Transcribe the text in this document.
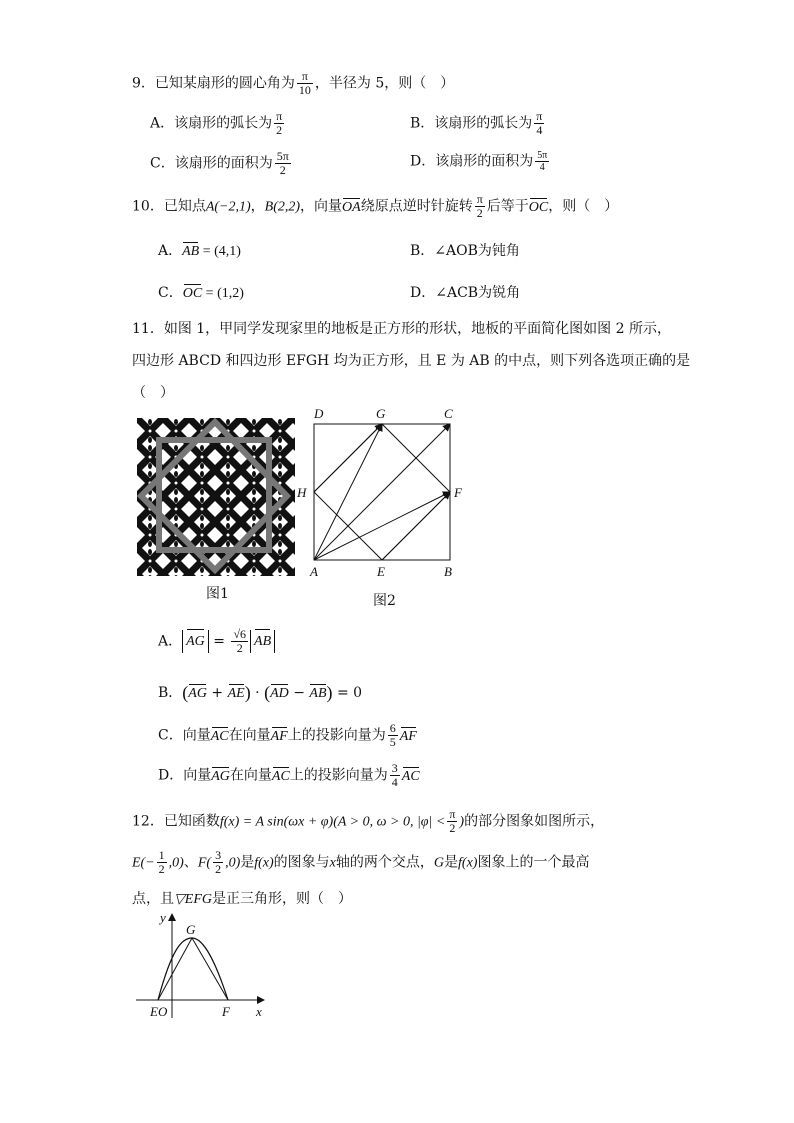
9．已知某扇形的圆心角为 $\frac{\pi}{10}$ ，半径为 5，则（　）
A．该扇形的弧长为 $\frac{\pi}{2}$	B．该扇形的弧长为 $\frac{\pi}{4}$
C．该扇形的面积为 $\frac{5\pi}{2}$	D．该扇形的面积为 $\frac{5\pi}{4}$
10．已知点A(−2,1)，B(2,2)，向量OA绕原点逆时针旋转 $\frac{\pi}{2}$ 后等于OC，则（　）
A．AB = (4,1)	B．∠AOB为钝角
C．OC = (1,2)	D．∠ACB为锐角
11．如图 1，甲同学发现家里的地板是正方形的形状，地板的平面简化图如图 2 所示，
四边形 ABCD 和四边形 EFGH 均为正方形，且 E 为 AB 的中点，则下列各选项正确的是
（　）
图1
D	G	C
H	F
A	E	B
图2
A． AG = $\frac{√6}{2}$ AB
B．(AG + AE) · (AD − AB) = 0
C．向量AC在向量AF上的投影向量为 $\frac{6}{5}$ AF
D．向量AG在向量AC上的投影向量为 $\frac{3}{4}$ AC
12．已知函数f(x) = A sin(ωx + φ)(A > 0, ω > 0, $|\varphi| < \frac{\pi}{2}$ )的部分图象如图所示，
$E(- \frac{1}{2} ,0)$、$F( \frac{3}{2} ,0)$是f(x)的图象与x轴的两个交点，G是f(x)图象上的一个最高
点，且▽EFG是正三角形，则（　）
y
G
EO	F x
